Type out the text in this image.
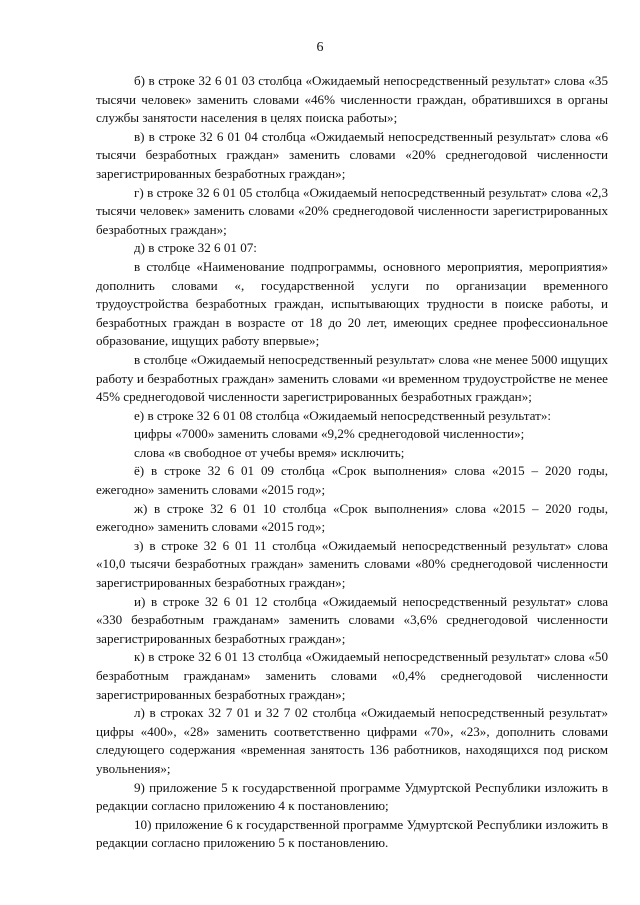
6

б) в строке 32 6 01 03 столбца «Ожидаемый непосредственный результат» слова «35 тысячи человек» заменить словами «46% численности граждан, обратившихся в органы службы занятости населения в целях поиска работы»;

в) в строке 32 6 01 04 столбца «Ожидаемый непосредственный результат» слова «6 тысячи безработных граждан» заменить словами «20% среднегодовой численности зарегистрированных безработных граждан»;

г) в строке 32 6 01 05 столбца «Ожидаемый непосредственный результат» слова «2,3 тысячи человек» заменить словами «20% среднегодовой численности зарегистрированных безработных граждан»;

д) в строке 32 6 01 07:

в столбце «Наименование подпрограммы, основного мероприятия, мероприятия» дополнить словами «, государственной услуги по организации временного трудоустройства безработных граждан, испытывающих трудности в поиске работы, и безработных граждан в возрасте от 18 до 20 лет, имеющих среднее профессиональное образование, ищущих работу впервые»;

в столбце «Ожидаемый непосредственный результат» слова «не менее 5000 ищущих работу и безработных граждан» заменить словами «и временном трудоустройстве не менее 45% среднегодовой численности зарегистрированных безработных граждан»;

е) в строке 32 6 01 08 столбца «Ожидаемый непосредственный результат»:

цифры «7000» заменить словами «9,2% среднегодовой численности»;

слова «в свободное от учебы время» исключить;

ё) в строке 32 6 01 09 столбца «Срок выполнения» слова «2015 – 2020 годы, ежегодно» заменить словами «2015 год»;

ж) в строке 32 6 01 10 столбца «Срок выполнения» слова «2015 – 2020 годы, ежегодно» заменить словами «2015 год»;

з) в строке 32 6 01 11 столбца «Ожидаемый непосредственный результат» слова «10,0 тысячи безработных граждан» заменить словами «80% среднегодовой численности зарегистрированных безработных граждан»;

и) в строке 32 6 01 12 столбца «Ожидаемый непосредственный результат» слова «330 безработным гражданам» заменить словами «3,6% среднегодовой численности зарегистрированных безработных граждан»;

к) в строке 32 6 01 13 столбца «Ожидаемый непосредственный результат» слова «50 безработным гражданам» заменить словами «0,4% среднегодовой численности зарегистрированных безработных граждан»;

л) в строках 32 7 01 и 32 7 02 столбца «Ожидаемый непосредственный результат» цифры «400», «28» заменить соответственно цифрами «70», «23», дополнить словами следующего содержания «временная занятость 136 работников, находящихся под риском увольнения»;

9) приложение 5 к государственной программе Удмуртской Республики изложить в редакции согласно приложению 4 к постановлению;

10) приложение 6 к государственной программе Удмуртской Республики изложить в редакции согласно приложению 5 к постановлению.
